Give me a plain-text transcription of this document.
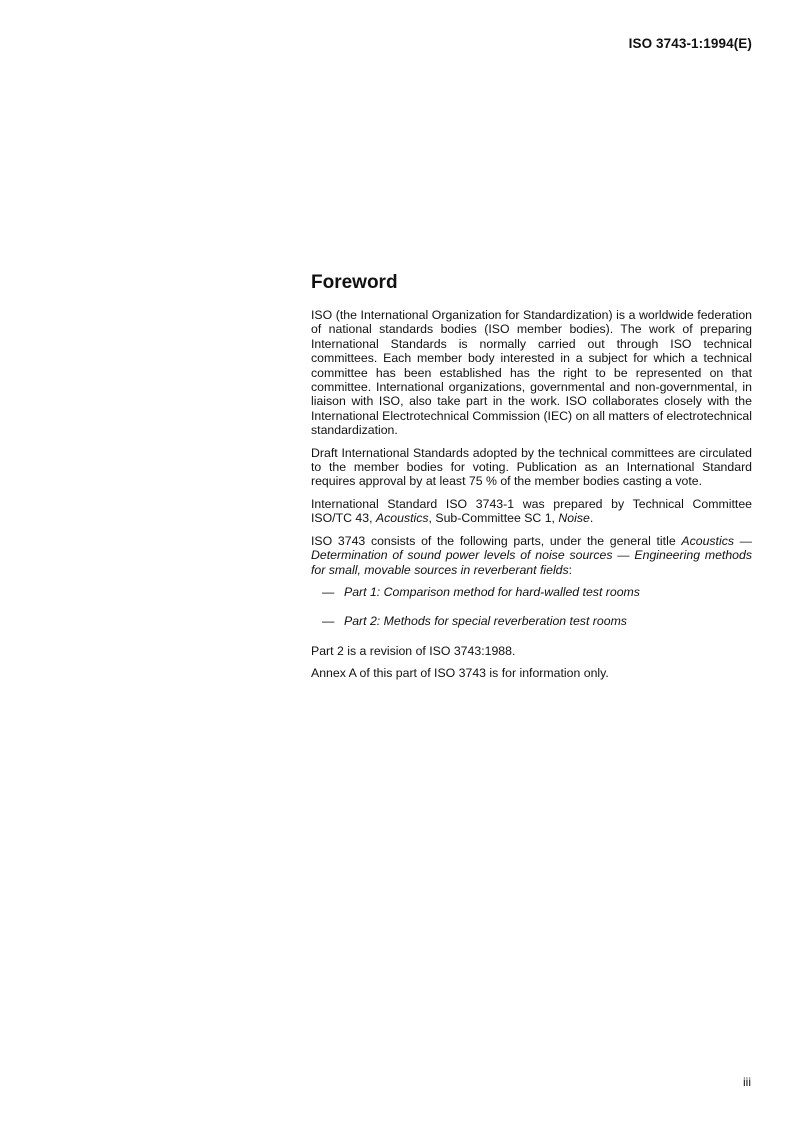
ISO 3743-1:1994(E)
Foreword

ISO (the International Organization for Standardization) is a worldwide federation of national standards bodies (ISO member bodies). The work of preparing International Standards is normally carried out through ISO technical committees. Each member body interested in a subject for which a technical committee has been established has the right to be represented on that committee. International organizations, governmental and non-governmental, in liaison with ISO, also take part in the work. ISO collaborates closely with the International Electrotechnical Commission (IEC) on all matters of electrotechnical standardization.

Draft International Standards adopted by the technical committees are circulated to the member bodies for voting. Publication as an International Standard requires approval by at least 75 % of the member bodies casting a vote.

International Standard ISO 3743-1 was prepared by Technical Committee ISO/TC 43, Acoustics, Sub-Committee SC 1, Noise.

ISO 3743 consists of the following parts, under the general title Acoustics — Determination of sound power levels of noise sources — Engineering methods for small, movable sources in reverberant fields:

— Part 1: Comparison method for hard-walled test rooms
— Part 2: Methods for special reverberation test rooms

Part 2 is a revision of ISO 3743:1988.

Annex A of this part of ISO 3743 is for information only.

iii
